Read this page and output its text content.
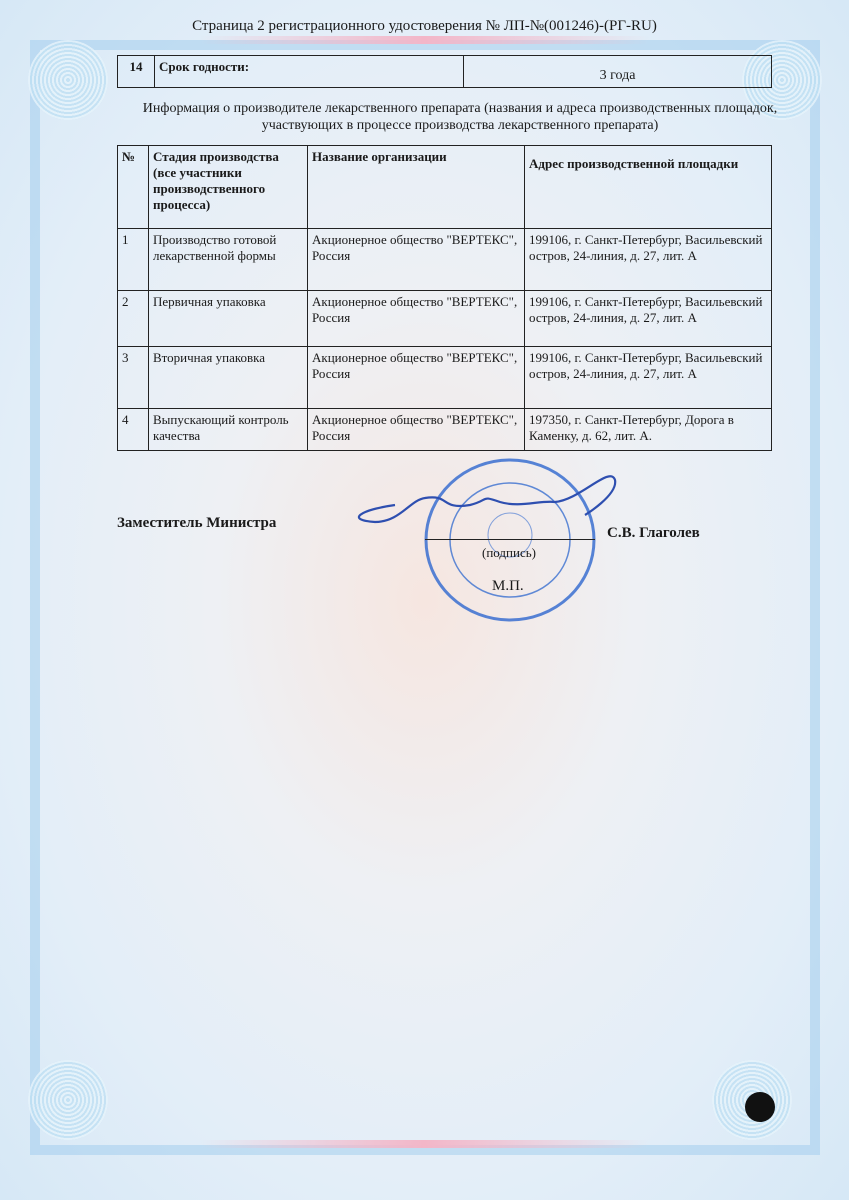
Страница 2 регистрационного удостоверения № ЛП-№(001246)-(РГ-RU)
14	Срок годности:	3 года
Информация о производителе лекарственного препарата (названия и адреса производственных площадок, участвующих в процессе производства лекарственного препарата)
№	Стадия производства (все участники производственного процесса)	Название организации	Адрес производственной площадки
1	Производство готовой лекарственной формы	Акционерное общество "ВЕРТЕКС", Россия	199106, г. Санкт-Петербург, Васильевский остров, 24-линия, д. 27, лит. А
2	Первичная упаковка	Акционерное общество "ВЕРТЕКС", Россия	199106, г. Санкт-Петербург, Васильевский остров, 24-линия, д. 27, лит. А
3	Вторичная упаковка	Акционерное общество "ВЕРТЕКС", Россия	199106, г. Санкт-Петербург, Васильевский остров, 24-линия, д. 27, лит. А
4	Выпускающий контроль качества	Акционерное общество "ВЕРТЕКС", Россия	197350, г. Санкт-Петербург, Дорога в Каменку, д. 62, лит. А.
Заместитель Министра
С.В. Глаголев
(подпись)
М.П.
